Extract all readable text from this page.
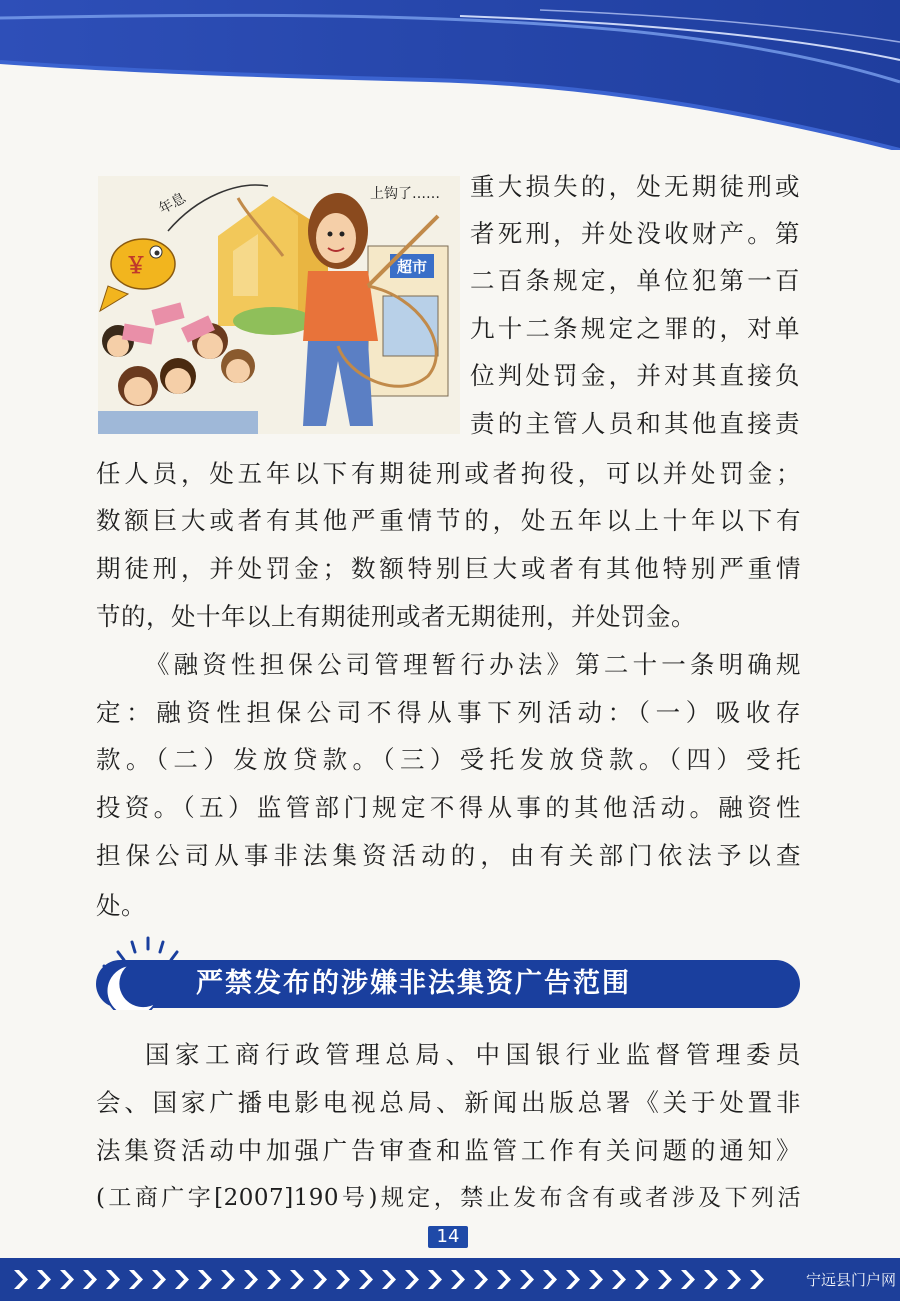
超市
年息
￥
上钩了…… 重大损失的，处无期徒刑或
者死刑，并处没收财产。第
二百条规定，单位犯第一百
九十二条规定之罪的，对单
位判处罚金，并对其直接负
责的主管人员和其他直接责
任人员，处五年以下有期徒刑或者拘役，可以并处罚金；
数额巨大或者有其他严重情节的，处五年以上十年以下有
期徒刑，并处罚金；数额特别巨大或者有其他特别严重情
节的，处十年以上有期徒刑或者无期徒刑，并处罚金。
《融资性担保公司管理暂行办法》第二十一条明确规
定：融资性担保公司不得从事下列活动：（一）吸收存
款。（二）发放贷款。（三）受托发放贷款。（四）受托
投资。（五）监管部门规定不得从事的其他活动。融资性
担保公司从事非法集资活动的，由有关部门依法予以查
处。
严禁发布的涉嫌非法集资广告范围
国家工商行政管理总局、中国银行业监督管理委员
会、国家广播电影电视总局、新闻出版总署《关于处置非
法集资活动中加强广告审查和监管工作有关问题的通知》
(工商广字[2007]190号)规定，禁止发布含有或者涉及下列活
14
宁远县门户网
